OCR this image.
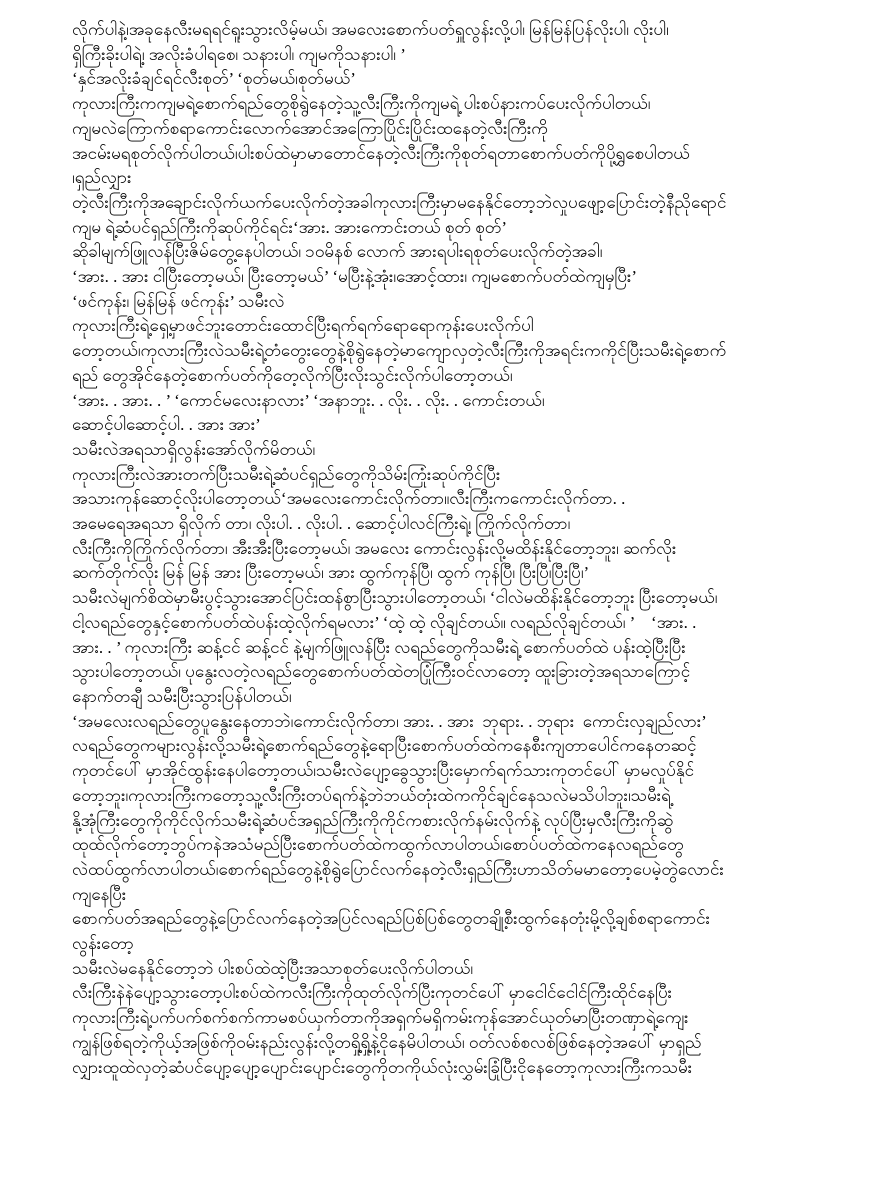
လိုက်ပါနဲ့၊အခုနေလီးမရရင်ရူးသွားလိမ့်မယ်၊ အမလေးစောက်ပတ်ရှူလွန်းလို့ပါ၊ မြန်မြန်ပြန်လိုးပါ၊ လိုးပါ၊
ရှိကြီးခိုးပါရဲ့၊ အလိုးခံပါရစေ၊ သနားပါ၊ ကျမကိုသနားပါ၊ ’
‘နှင်အလိုးခံချင်ရင်လီးစုတ်’ ‘စုတ်မယ်၊စုတ်မယ်’
ကုလားကြီးကကျမရဲ့စောက်ရည်တွေစိုရွဲနေတဲ့သူ့လီးကြီးကိုကျမရဲ့ ပါးစပ်နားကပ်ပေးလိုက်ပါတယ်၊
ကျမလဲကြောက်စရာကောင်းလောက်အောင်အကြောပြိုင်းပြိုင်းထနေတဲ့လီးကြီးကို
အငမ်းမရစုတ်လိုက်ပါတယ်၊ပါးစပ်ထဲမှာမာတောင်နေတဲ့လီးကြီးကိုစုတ်ရတာစောက်ပတ်ကိုပို့ရွှစေပါတယ်
၊ရှည်လျှား
တဲ့လီးကြီးကိုအချောင်းလိုက်ယက်ပေးလိုက်တဲ့အခါကုလားကြီးမှာမနေနိုင်တော့ဘဲလှုပဖျော့ပြောင်းတဲ့နီညိုရောင်
ကျမ ရဲ့ဆံပင်ရှည်ကြီးကိုဆုပ်ကိုင်ရင်း‘အား. အားကောင်းတယ် စုတ် စုတ်’
ဆိုခါမျက်ဖြူလန်ပြီးဇိမ်တွေ့နေပါတယ်၊ ၁၀မိနစ် လောက် အားရပါးရစုတ်ပေးလိုက်တဲ့အခါ၊
‘အား. . အား ငါပြီးတော့မယ်၊ ပြီးတော့မယ်’ ‘မပြီးနဲ့အုံး၊အောင့်ထား၊ ကျမစောက်ပတ်ထဲကျမှပြီး’
‘ဖင်ကုန်း၊ မြန်မြန် ဖင်ကုန်း’ သမီးလဲ
ကုလားကြီးရဲ့ရှေ့မှာဖင်ဘူးတောင်းထောင်ပြီးရက်ရက်ရောရောကုန်းပေးလိုက်ပါ
တော့တယ်၊ကုလားကြီးလဲသမီးရဲ့တံတွေးတွေနဲ့စိုရွဲနေတဲ့မာကျောလှတဲ့လီးကြီးကိုအရင်းကကိုင်ပြီးသမီးရဲ့စောက်
ရည် တွေအိုင်နေတဲ့စောက်ပတ်ကိုတေ့လိုက်ပြီးလိုးသွင်းလိုက်ပါတော့တယ်၊
‘အား. . အား. . ’ ‘ကောင်မလေးနာလား’ ‘အနာဘူး. . လိုး. . လိုး. . ကောင်းတယ်၊
ဆောင့်ပါဆောင့်ပါ. . အား အား’
သမီးလဲအရသာရှိလွန်းအော်လိုက်မိတယ်၊
ကုလားကြီးလဲအားတက်ပြီးသမီးရဲ့ဆံပင်ရှည်တွေကိုသိမ်းကြုံးဆုပ်ကိုင်ပြီး
အသားကုန်ဆောင့်လိုးပါတော့တယ်‘အမလေးကောင်းလိုက်တာ။လီးကြီးကကောင်းလိုက်တာ. .
အမေရေအရသာ ရှိလိုက် တာ၊ လိုးပါ. . လိုးပါ. . ဆောင့်ပါလင်ကြီးရဲ့၊ ကြိုက်လိုက်တာ၊
လီးကြီးကိုကြိုက်လိုက်တာ၊ အီးအီးပြီးတော့မယ်၊ အမလေး ကောင်းလွန်းလို့မထိန်းနိုင်တော့ဘူး၊ ဆက်လိုး
ဆက်တိုက်လိုး မြန် မြန် အား ပြီးတော့မယ်၊ အား ထွက်ကုန်ပြီ၊ ထွက် ကုန်ပြီ၊ ပြီးပြီ၊ပြီးပြီ၊’
သမီးလဲမျက်စိထဲမှာမီးပွင့်သွားအောင်ပြင်းထန်စွာပြီးသွားပါတော့တယ်၊ ‘ငါလဲမထိန်းနိုင်တော့ဘူး ပြီးတော့မယ်၊
ငါ့လရည်တွေနှင့်စောက်ပတ်ထဲပန်းထဲ့လိုက်ရမလား’ ‘ထဲ့ ထဲ့ လိုချင်တယ်။ လရည်လိုချင်တယ်၊ ’    ‘အား. .
အား. . ’ ကုလားကြီး ဆန့်ငင် ဆန့်ငင် နဲ့မျက်ဖြူလန်ပြီး လရည်တွေကိုသမီးရဲ့ စောက်ပတ်ထဲ ပန်းထဲ့ပြီးပြီး
သွားပါတော့တယ်၊ ပုနွေးလတဲ့လရည်တွေစောက်ပတ်ထဲတပြုံကြီးဝင်လာတော့ ထူးခြားတဲ့အရသာကြောင့်
နောက်တချီ သမီးပြီးသွားပြန်ပါတယ်၊
‘အမလေးလရည်တွေပူနွေးနေတာဘဲ၊ကောင်းလိုက်တာ၊ အား. . အား  ဘုရား. . ဘုရား  ကောင်းလှချည်လား’
လရည်တွေကများလွန်းလို့သမီးရဲ့စောက်ရည်တွေနဲ့ရောပြီးစောက်ပတ်ထဲကနေစီးကျတာပေါင်ကနေတဆင့်
ကုတင်ပေါ် မှာအိုင်ထွန်းနေပါတော့တယ်၊သမီးလဲပျော့ခွေသွားပြီးမှောက်ရက်သားကုတင်ပေါ် မှာမလှုပ်နိုင်
တော့ဘူး၊ကုလားကြီးကတော့သူ့လီးကြီးတပ်ရက်နဲ့ဘဲဘယ်တုံးထဲကကိုင်ချင်နေသလဲမသိပါဘူး၊သမီးရဲ့
နို့အုံကြီးတွေကိုကိုင်လိုက်သမီးရဲ့ဆံပင်အရှည်ကြီးကိုကိုင်ကစားလိုက်နမ်းလိုက်နဲ့ လုပ်ပြီးမှလီးကြီးကိုဆွဲ
ထုထ်လိုက်တော့ဘွပ်ကနဲအသံမည်ပြီးစောက်ပတ်ထဲကထွက်လာပါတယ်၊စောပ်ပတ်ထဲကနေလရည်တွေ
လဲထပ်ထွက်လာပါတယ်၊စောက်ရည်တွေနဲ့စိုရွဲပြောင်လက်နေတဲ့လီးရှည်ကြီးဟာသိတ်မမာတော့ပေမဲ့တွဲလောင်း
ကျနေပြီး
စောက်ပတ်အရည်တွေနဲ့ပြောင်လက်နေတဲ့အပြင်လရည်ပြစ်ပြစ်တွေတချို့စီးထွက်နေတုံးမို့လို့ချစ်စရာကောင်း
လွန်းတော့
သမီးလဲမနေနိုင်တော့ဘဲ ပါးစပ်ထဲထဲ့ပြီးအသာစုတ်ပေးလိုက်ပါတယ်၊
လီးကြီးနဲနဲပျော့သွားတော့ပါးစပ်ထဲကလီးကြီးကိုထုတ်လိုက်ပြီးကုတင်ပေါ် မှာငေါင်ငေါင်ကြီးထိုင်နေပြီး
ကုလားကြီးရဲ့ပက်ပက်စက်စက်ကာမစပ်ယှက်တာကိုအရှက်မရှိကမ်းကုန်အောင်ယုတ်မာပြီးတဏှာရဲ့ကျေး
ကျွန်ဖြစ်ရတဲ့ကိုယ့်အဖြစ်ကိုဝမ်းနည်းလွန်းလို့တရှို့ရှို့နဲ့ငိုနေမိပါတယ်၊ ဝတ်လစ်စလစ်ဖြစ်နေတဲ့အပေါ် မှာရှည်
လျှားထူထဲလှတဲ့ဆံပင်ပျော့ပျော့ပျောင်းပျောင်းတွေကိုတကိုယ်လုံးလွှမ်းခြုံပြီးငိုနေတော့ကုလားကြီးကသမီး
